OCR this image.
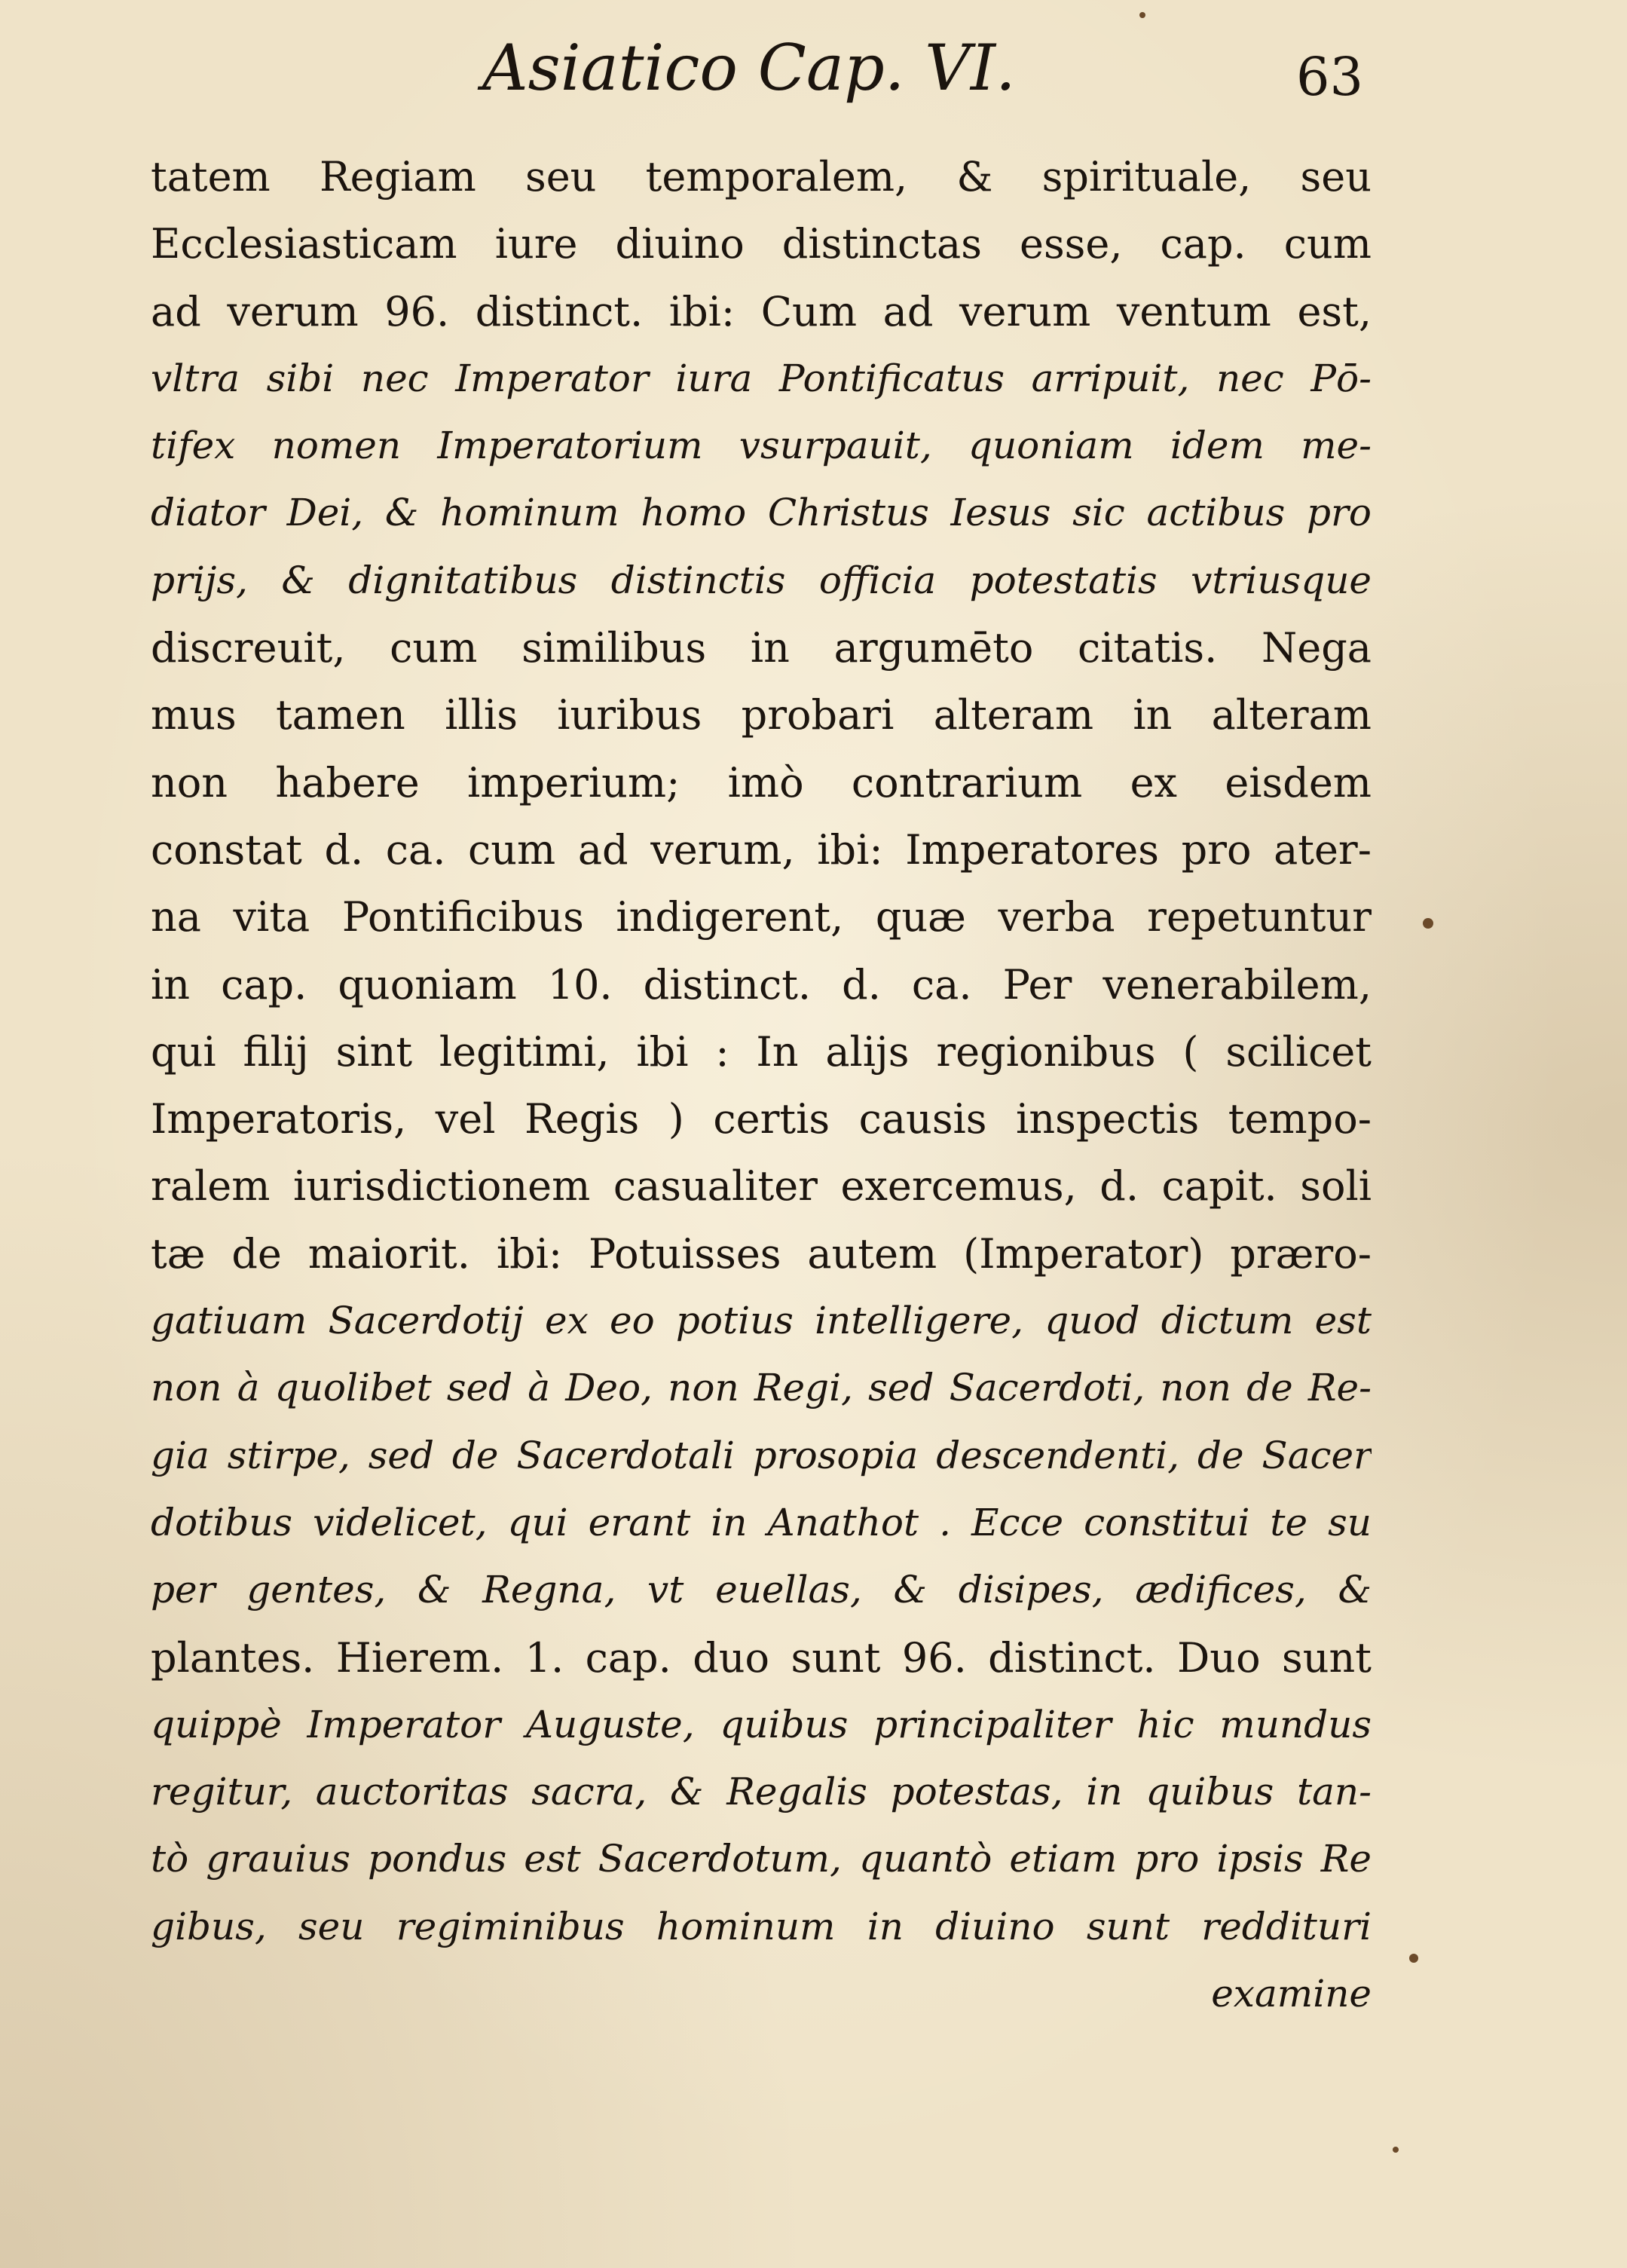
Asiatico Cap. VI.	63
tatem Regiam seu temporalem, & spirituale, seu
Ecclesiasticam iure diuino distinctas esse, cap. cum
ad verum 96. distinct. ibi: Cum ad verum ventum est,
vltra sibi nec Imperator iura Pontificatus arripuit, nec Pō-
tifex nomen Imperatorium vsurpauit, quoniam idem me-
diator Dei, & hominum homo Christus Iesus sic actibus pro
prijs, & dignitatibus distinctis officia potestatis vtriusque
discreuit, cum similibus in argumēto citatis. Nega
mus tamen illis iuribus probari alteram in alteram
non habere imperium; imò contrarium ex eisdem
constat d. ca. cum ad verum, ibi: Imperatores pro ater-
na vita Pontificibus indigerent, quæ verba repetuntur
in cap. quoniam 10. distinct. d. ca. Per venerabilem,
qui filij sint legitimi, ibi : In alijs regionibus ( scilicet
Imperatoris, vel Regis ) certis causis inspectis tempo-
ralem iurisdictionem casualiter exercemus, d. capit. soli
tæ de maiorit. ibi: Potuisses autem (Imperator) præro-
gatiuam Sacerdotij ex eo potius intelligere, quod dictum est
non à quolibet sed à Deo, non Regi, sed Sacerdoti, non de Re-
gia stirpe, sed de Sacerdotali prosopia descendenti, de Sacer
dotibus videlicet, qui erant in Anathot . Ecce constitui te su
per gentes, & Regna, vt euellas, & disipes, ædifices, &
plantes. Hierem. 1. cap. duo sunt 96. distinct. Duo sunt
quippè Imperator Auguste, quibus principaliter hic mundus
regitur, auctoritas sacra, & Regalis potestas, in quibus tan-
tò grauius pondus est Sacerdotum, quantò etiam pro ipsis Re
gibus, seu regiminibus hominum in diuino sunt reddituri
examine
